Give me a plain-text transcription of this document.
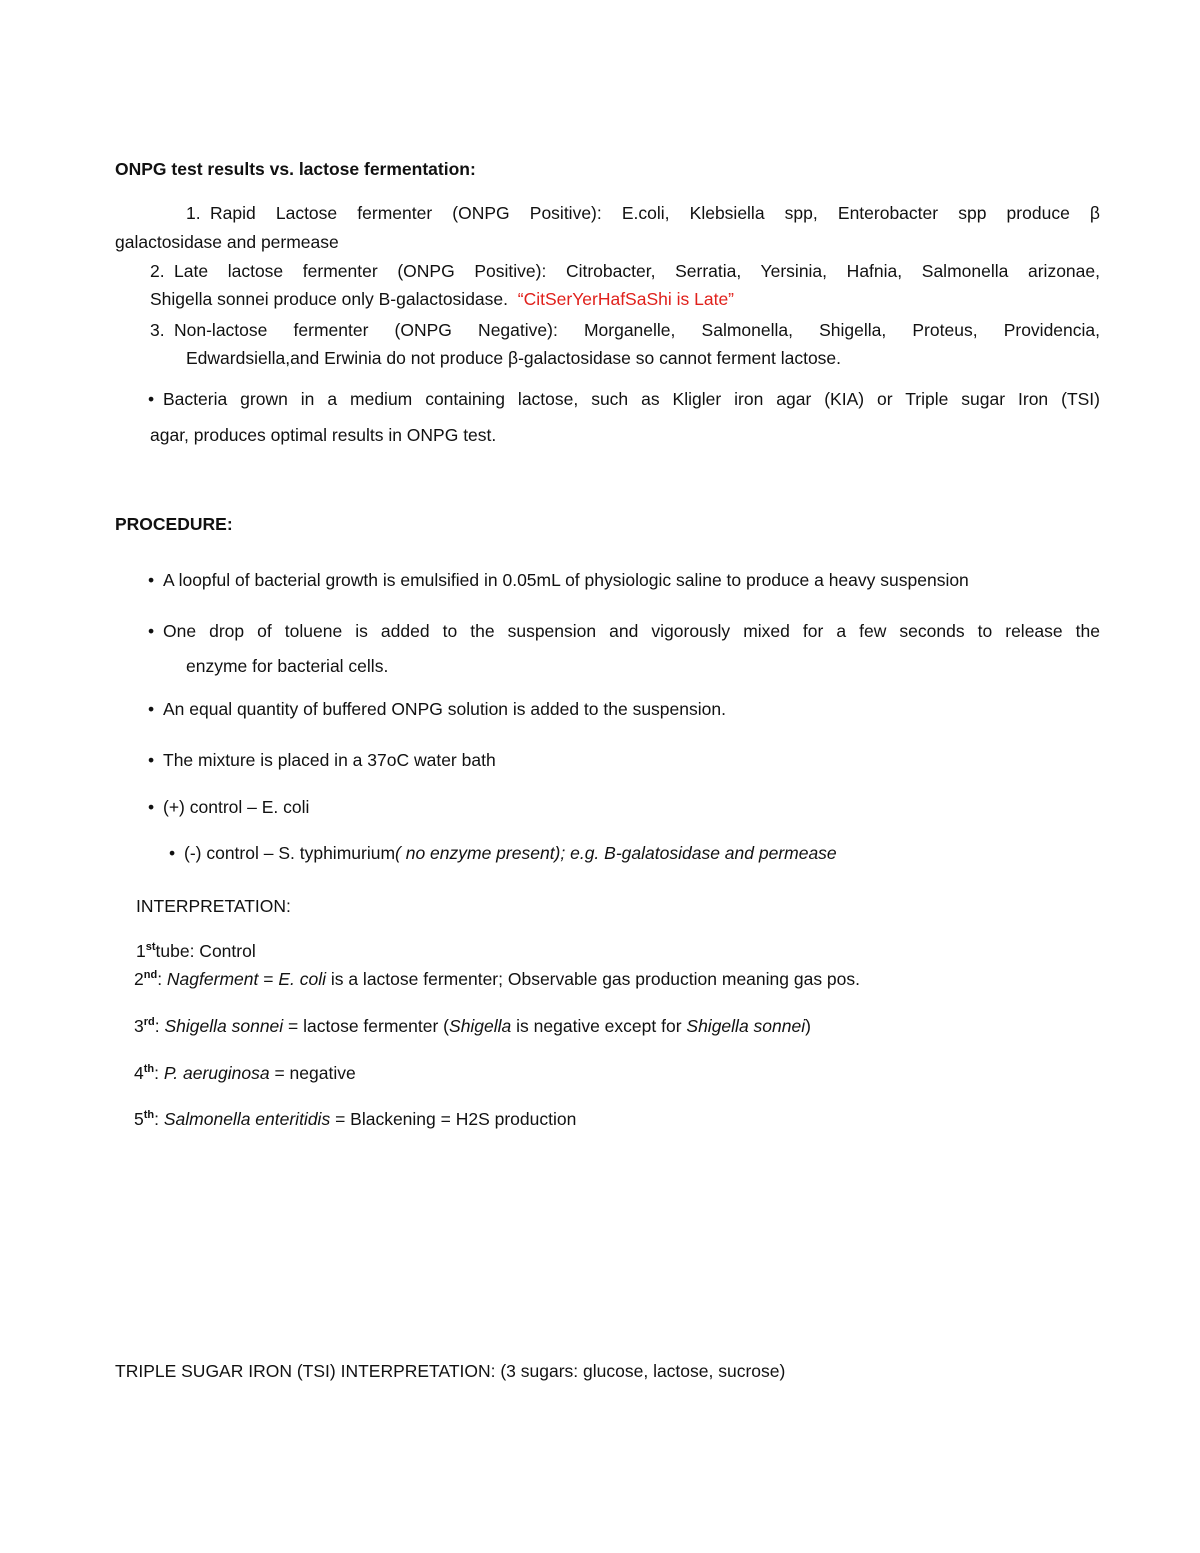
ONPG test results vs. lactose fermentation:
1. Rapid Lactose fermenter (ONPG Positive): E.coli, Klebsiella spp, Enterobacter spp produce β
galactosidase and permease
2. Late lactose fermenter (ONPG Positive): Citrobacter, Serratia, Yersinia, Hafnia, Salmonella arizonae,
Shigella sonnei produce only B-galactosidase. “CitSerYerHafSaShi is Late”
3. Non-lactose fermenter (ONPG Negative): Morganelle, Salmonella, Shigella, Proteus, Providencia,
Edwardsiella,and Erwinia do not produce β-galactosidase so cannot ferment lactose.
• Bacteria grown in a medium containing lactose, such as Kligler iron agar (KIA) or Triple sugar Iron (TSI)
agar, produces optimal results in ONPG test.
PROCEDURE:
• A loopful of bacterial growth is emulsified in 0.05mL of physiologic saline to produce a heavy suspension
• One drop of toluene is added to the suspension and vigorously mixed for a few seconds to release the
enzyme for bacterial cells.
• An equal quantity of buffered ONPG solution is added to the suspension.
• The mixture is placed in a 37oC water bath
• (+) control – E. coli
• (-) control – S. typhimurium( no enzyme present); e.g. B-galatosidase and permease
INTERPRETATION:
1sttube: Control
2nd: Nagferment = E. coli is a lactose fermenter; Observable gas production meaning gas pos.
3rd: Shigella sonnei = lactose fermenter (Shigella is negative except for Shigella sonnei)
4th: P. aeruginosa = negative
5th: Salmonella enteritidis = Blackening = H2S production
TRIPLE SUGAR IRON (TSI) INTERPRETATION: (3 sugars: glucose, lactose, sucrose)
